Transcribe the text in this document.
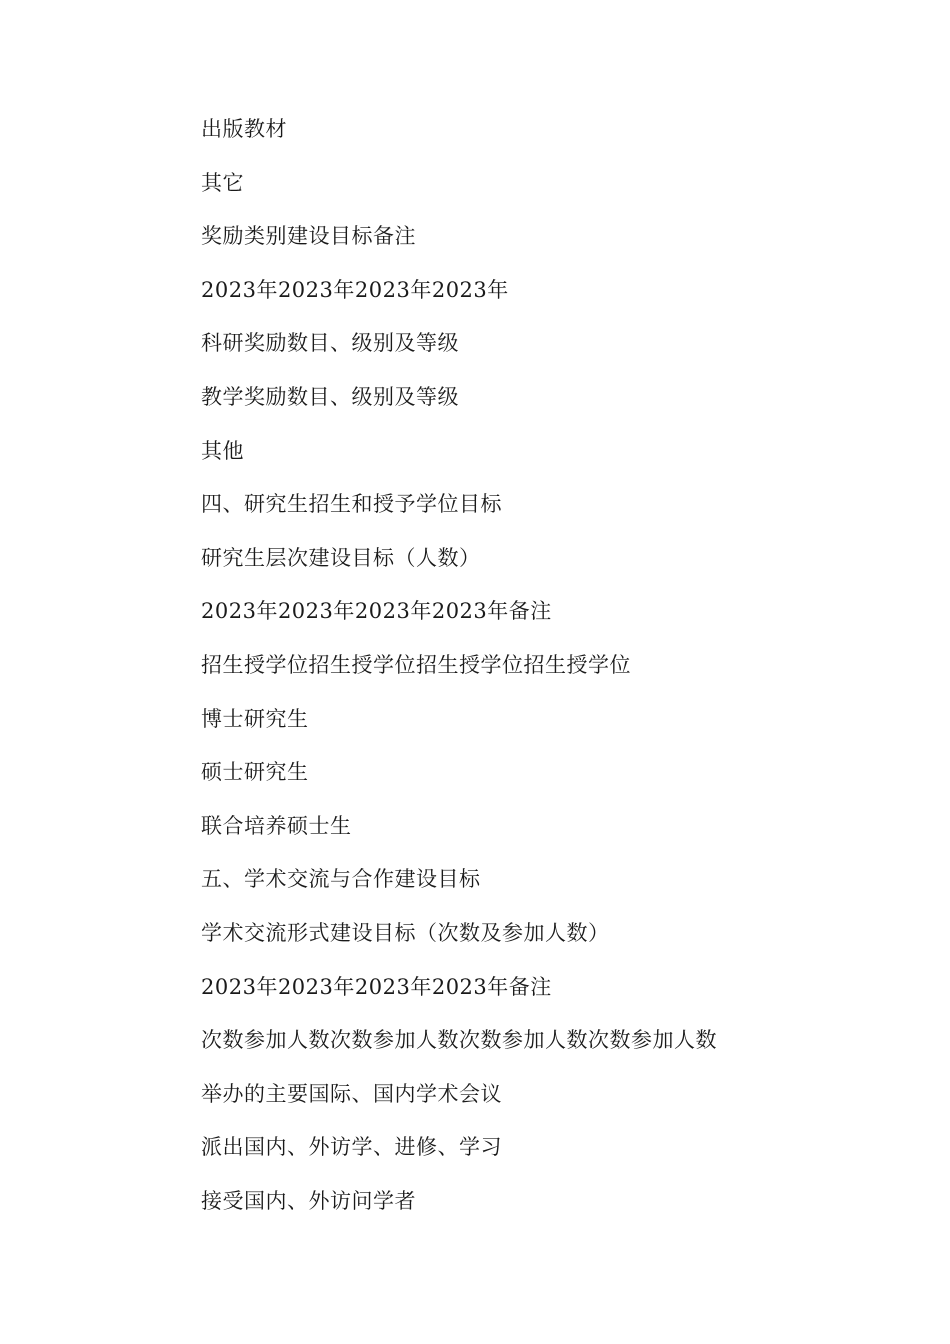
出版教材
其它
奖励类别建设目标备注
2023年2023年2023年2023年
科研奖励数目、级别及等级
教学奖励数目、级别及等级
其他
四、研究生招生和授予学位目标
研究生层次建设目标（人数）
2023年2023年2023年2023年备注
招生授学位招生授学位招生授学位招生授学位
博士研究生
硕士研究生
联合培养硕士生
五、学术交流与合作建设目标
学术交流形式建设目标（次数及参加人数）
2023年2023年2023年2023年备注
次数参加人数次数参加人数次数参加人数次数参加人数
举办的主要国际、国内学术会议
派出国内、外访学、进修、学习
接受国内、外访问学者
